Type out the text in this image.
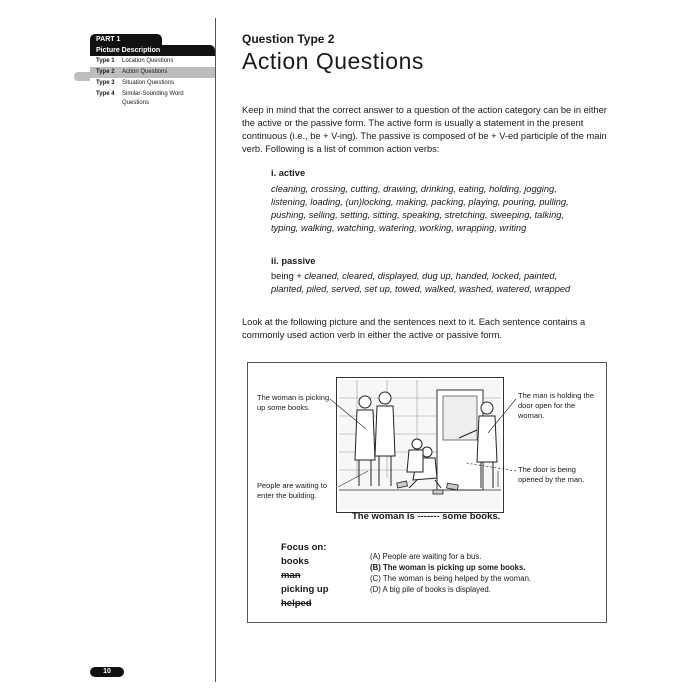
PART 1
Picture Description
Type 1	Location Questions
Type 2	Action Questions
Type 3	Situation Questions
Type 4	Similar-Sounding Word Questions
Question Type 2
Action Questions
Keep in mind that the correct answer to a question of the action category can be in either the active or the passive form. The active form is usually a statement in the present continuous (i.e., be + V-ing). The passive is composed of be + V-ed participle of the main verb. Following is a list of common action verbs:
i. active
cleaning, crossing, cutting, drawing, drinking, eating, holding, jogging, listening, loading, (un)locking, making, packing, playing, pouring, pulling, pushing, selling, setting, sitting, speaking, stretching, sweeping, talking, typing, walking, watching, watering, working, wrapping, writing
ii. passive
being + cleaned, cleared, displayed, dug up, handed, locked, painted, planted, piled, served, set up, towed, walked, washed, watered, wrapped
Look at the following picture and the sentences next to it. Each sentence contains a commonly used action verb in either the active or passive form.
The woman is picking up some books.
People are waiting to enter the building.
The man is holding the door open for the woman.
The door is being opened by the man.
The woman is ------- some books.
Focus on:
books
man
picking up
helped
(A) People are waiting for a bus.
(B) The woman is picking up some books.
(C) The woman is being helped by the woman.
(D) A big pile of books is displayed.
10
